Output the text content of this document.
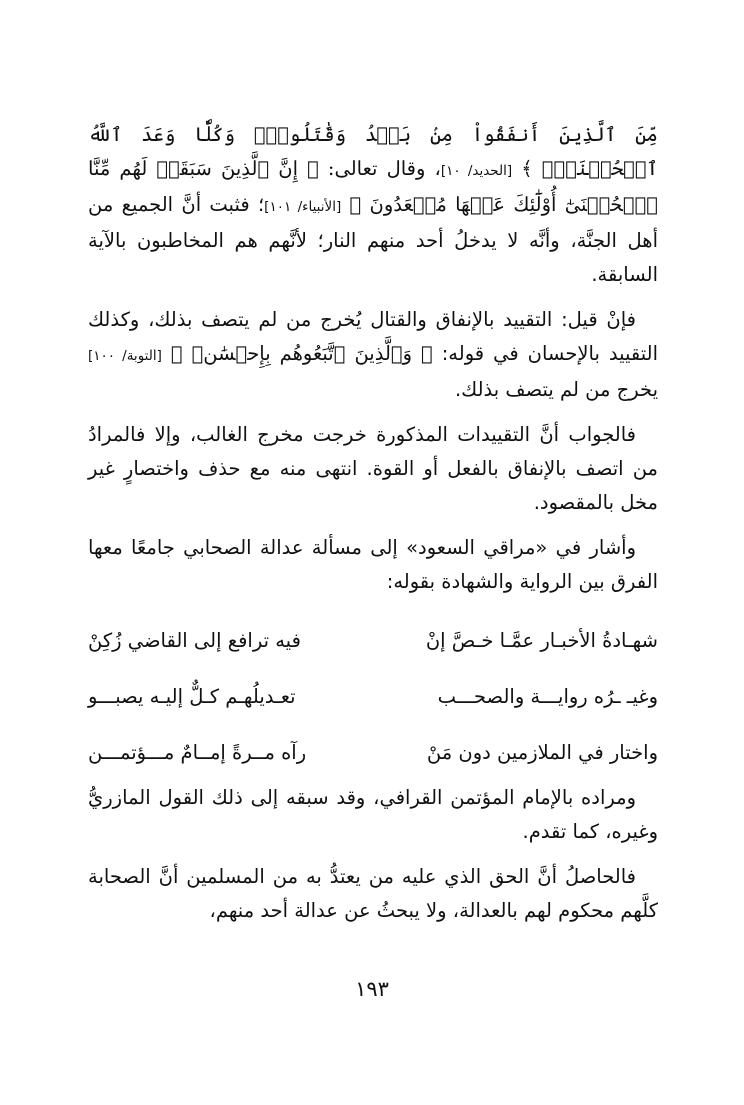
مِّنَ ٱلَّذِينَ أَنفَقُواْ مِنۢ بَعۡدُ وَقَٰتَلُواْۚ وَكُلّٗا وَعَدَ ٱللَّهُ ٱلۡحُسۡنَىٰۚ ﴾ [الحديد/ ١٠]، وقال تعالى: ﴿ إِنَّ ٱلَّذِينَ سَبَقَتۡ لَهُم مِّنَّا ٱلۡحُسۡنَىٰٓ أُوْلَٰٓئِكَ عَنۡهَا مُبۡعَدُونَ ﴾ [الأنبياء/ ١٠١]؛ فثبت أنَّ الجميع من أهل الجنَّة، وأنَّه لا يدخلُ أحد منهم النار؛ لأنَّهم هم المخاطبون بالآية السابقة.

فإنْ قيل: التقييد بالإنفاق والقتال يُخرج من لم يتصف بذلك، وكذلك التقييد بالإحسان في قوله: ﴿ وَٱلَّذِينَ ٱتَّبَعُوهُم بِإِحۡسَٰنٖ ﴾ [التوبة/ ١٠٠] يخرج من لم يتصف بذلك.

فالجواب أنَّ التقييدات المذكورة خرجت مخرج الغالب، وإلا فالمرادُ من اتصف بالإنفاق بالفعل أو القوة. انتهى منه مع حذف واختصارٍ غير مخل بالمقصود.

وأشار في «مراقي السعود» إلى مسألة عدالة الصحابي جامعًا معها الفرق بين الرواية والشهادة بقوله:

شهـادةُ الأخبـار عمَّـا خـصَّ إنْ
فيه ترافع إلى القاضي زُكِنْ
وغيـ ـرُه روايـــة والصحـــب
تعـديلُهـم كـلٌّ إليـه يصبـــو
واختار في الملازمين دون مَنْ
رآه مــرةً إمــامٌ مـــؤتمـــن

ومراده بالإمام المؤتمن القرافي، وقد سبقه إلى ذلك القول المازريُّ وغيره، كما تقدم.

فالحاصلُ أنَّ الحق الذي عليه من يعتدُّ به من المسلمين أنَّ الصحابة كلَّهم محكوم لهم بالعدالة، ولا يبحثُ عن عدالة أحد منهم،

١٩٣
